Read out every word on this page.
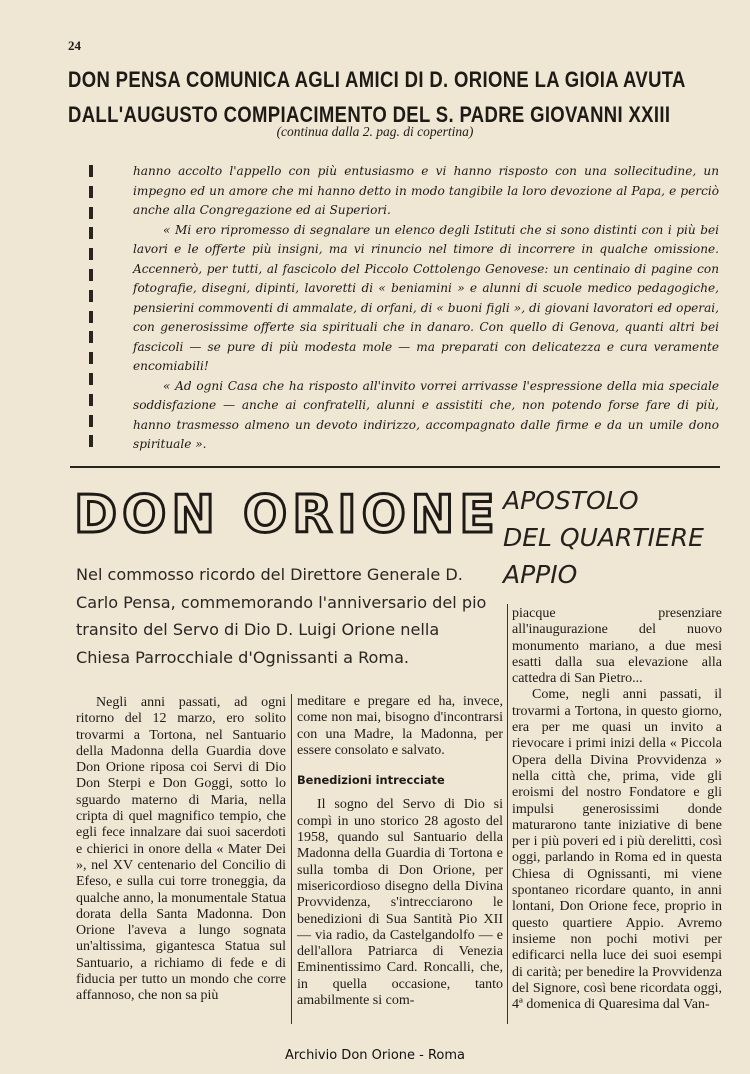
24
DON PENSA COMUNICA AGLI AMICI DI D. ORIONE LA GIOIA AVUTA
DALL'AUGUSTO COMPIACIMENTO DEL S. PADRE GIOVANNI XXIII
(continua dalla 2. pag. di copertina)

hanno accolto l'appello con più entusiasmo e vi hanno risposto con una sollecitudine, un impegno ed un amore che mi hanno detto in modo tangibile la loro devozione al Papa, e perciò anche alla Congregazione ed ai Superiori.

« Mi ero ripromesso di segnalare un elenco degli Istituti che si sono distinti con i più bei lavori e le offerte più insigni, ma vi rinuncio nel timore di incorrere in qualche omissione. Accennerò, per tutti, al fascicolo del Piccolo Cottolengo Genovese: un centinaio di pagine con fotografie, disegni, dipinti, lavoretti di « beniamini » e alunni di scuole medico pedagogiche, pensierini commoventi di ammalate, di orfani, di « buoni figli », di giovani lavoratori ed operai, con generosissime offerte sia spirituali che in danaro. Con quello di Genova, quanti altri bei fascicoli — se pure di più modesta mole — ma preparati con delicatezza e cura veramente encomiabili!

« Ad ogni Casa che ha risposto all'invito vorrei arrivasse l'espressione della mia speciale soddisfazione — anche ai confratelli, alunni e assistiti che, non potendo forse fare di più, hanno trasmesso almeno un devoto indirizzo, accompagnato dalle firme e da un umile dono spirituale ».

DON ORIONE APOSTOLO
DEL QUARTIERE
APPIO
Nel commosso ricordo del Direttore Generale D. Carlo Pensa, commemorando l'anniversario del pio transito del Servo di Dio D. Luigi Orione nella Chiesa Parrocchiale d'Ognissanti a Roma.

Negli anni passati, ad ogni ritorno del 12 marzo, ero solito trovarmi a Tortona, nel Santuario della Madonna della Guardia dove Don Orione riposa coi Servi di Dio Don Sterpi e Don Goggi, sotto lo sguardo materno di Maria, nella cripta di quel magnifico tempio, che egli fece innalzare dai suoi sacerdoti e chierici in onore della « Mater Dei », nel XV centenario del Concilio di Efeso, e sulla cui torre troneggia, da qualche anno, la monumentale Statua dorata della Santa Madonna. Don Orione l'aveva a lungo sognata un'altissima, gigantesca Statua sul Santuario, a richiamo di fede e di fiducia per tutto un mondo che corre affannoso, che non sa più

meditare e pregare ed ha, invece, come non mai, bisogno d'incontrarsi con una Madre, la Madonna, per essere consolato e salvato.

Benedizioni intrecciate

Il sogno del Servo di Dio si compì in uno storico 28 agosto del 1958, quando sul Santuario della Madonna della Guardia di Tortona e sulla tomba di Don Orione, per misericordioso disegno della Divina Provvidenza, s'intrecciarono le benedizioni di Sua Santità Pio XII — via radio, da Castelgandolfo — e dell'allora Patriarca di Venezia Eminentissimo Card. Roncalli, che, in quella occasione, tanto amabilmente si com-

piacque presenziare all'inaugurazione del nuovo monumento mariano, a due mesi esatti dalla sua elevazione alla cattedra di San Pietro...

Come, negli anni passati, il trovarmi a Tortona, in questo giorno, era per me quasi un invito a rievocare i primi inizi della « Piccola Opera della Divina Provvidenza » nella città che, prima, vide gli eroismi del nostro Fondatore e gli impulsi generosissimi donde maturarono tante iniziative di bene per i più poveri ed i più derelitti, così oggi, parlando in Roma ed in questa Chiesa di Ognissanti, mi viene spontaneo ricordare quanto, in anni lontani, Don Orione fece, proprio in questo quartiere Appio. Avremo insieme non pochi motivi per edificarci nella luce dei suoi esempi di carità; per benedire la Provvidenza del Signore, così bene ricordata oggi, 4ª domenica di Quaresima dal Van-

Archivio Don Orione - Roma
